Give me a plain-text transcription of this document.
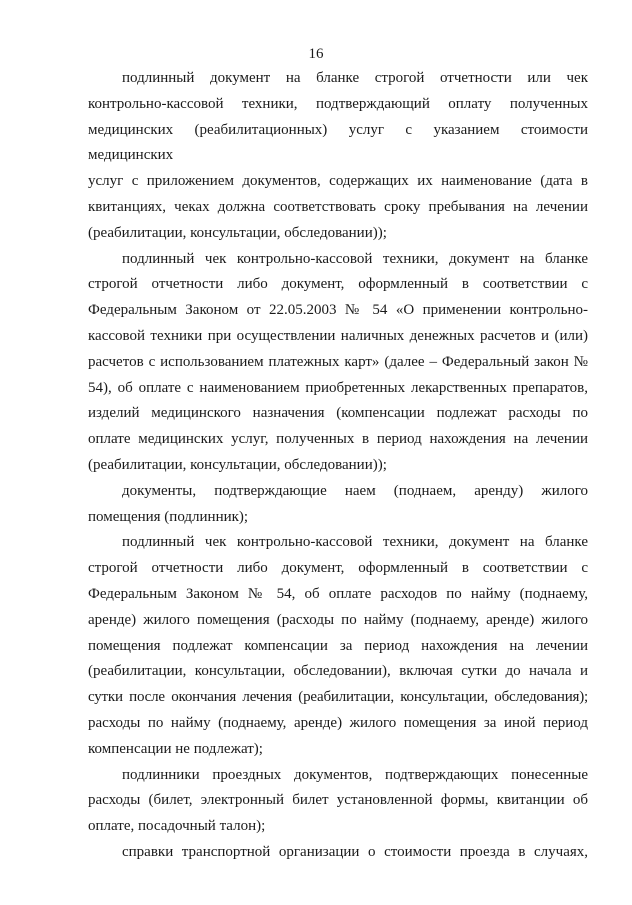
16
подлинный документ на бланке строгой отчетности или чек
контрольно-кассовой техники, подтверждающий оплату полученных
медицинских (реабилитационных) услуг с указанием стоимости медицинских
услуг с приложением документов, содержащих их наименование (дата в
квитанциях, чеках должна соответствовать сроку пребывания на лечении
(реабилитации, консультации, обследовании));
подлинный чек контрольно-кассовой техники, документ на бланке
строгой отчетности либо документ, оформленный в соответствии с
Федеральным Законом от 22.05.2003 № 54 «О применении контрольно-
кассовой техники при осуществлении наличных денежных расчетов и (или)
расчетов с использованием платежных карт» (далее – Федеральный закон №
54), об оплате с наименованием приобретенных лекарственных препаратов,
изделий медицинского назначения (компенсации подлежат расходы по
оплате медицинских услуг, полученных в период нахождения на лечении
(реабилитации, консультации, обследовании));
документы, подтверждающие наем (поднаем, аренду) жилого
помещения (подлинник);
подлинный чек контрольно-кассовой техники, документ на бланке
строгой отчетности либо документ, оформленный в соответствии с
Федеральным Законом № 54, об оплате расходов по найму (поднаему,
аренде) жилого помещения (расходы по найму (поднаему, аренде) жилого
помещения подлежат компенсации за период нахождения на лечении
(реабилитации, консультации, обследовании), включая сутки до начала и
сутки после окончания лечения (реабилитации, консультации, обследования);
расходы по найму (поднаему, аренде) жилого помещения за иной период
компенсации не подлежат);
подлинники проездных документов, подтверждающих понесенные
расходы (билет, электронный билет установленной формы, квитанции об
оплате, посадочный талон);
справки транспортной организации о стоимости проезда в случаях,
